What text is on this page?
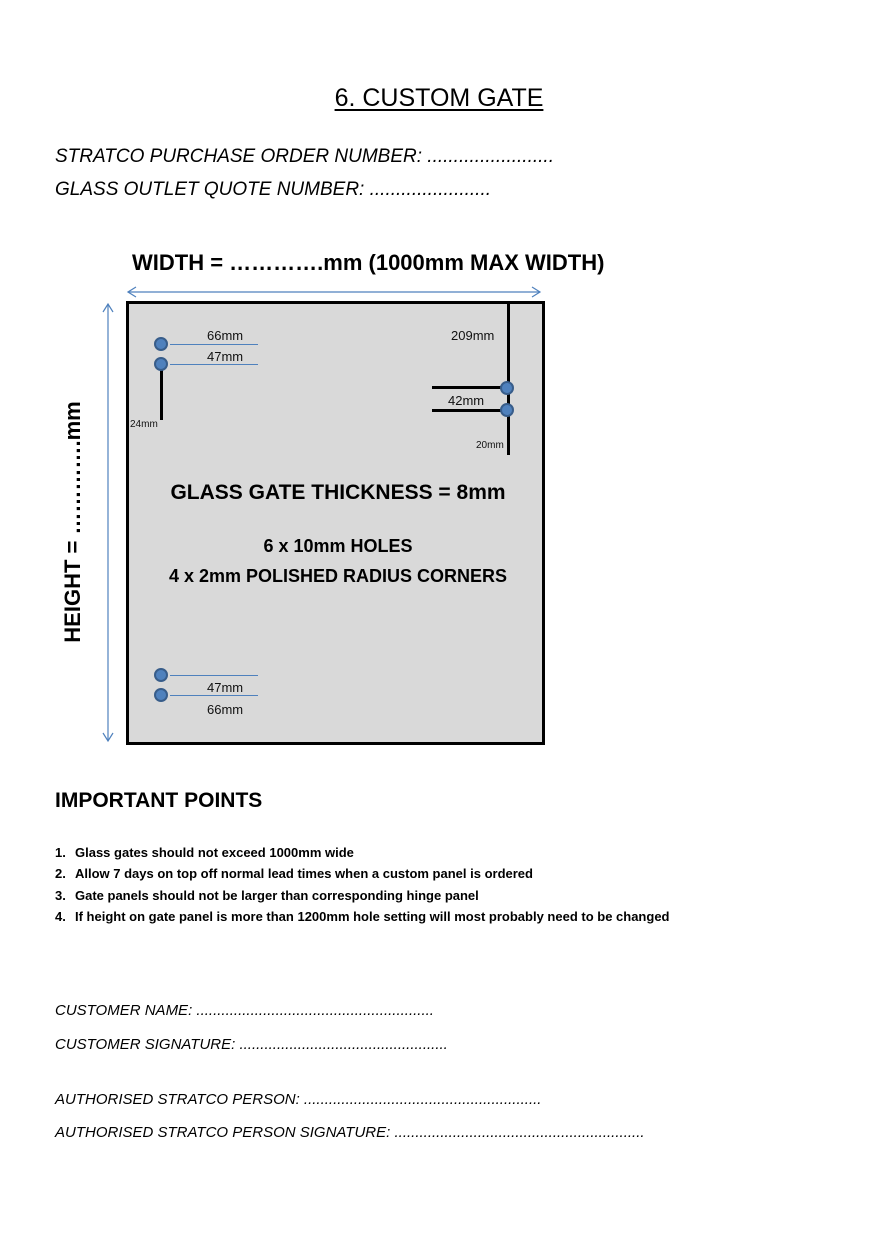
6. CUSTOM GATE
STRATCO PURCHASE ORDER NUMBER: ........................
GLASS OUTLET QUOTE NUMBER: .......................
WIDTH = ………….mm (1000mm MAX WIDTH)
HEIGHT = ………….mm
66mm
47mm
24mm
209mm
42mm
20mm
GLASS GATE THICKNESS = 8mm
6 x 10mm HOLES
4 x 2mm POLISHED RADIUS CORNERS
47mm
66mm
IMPORTANT POINTS
1. Glass gates should not exceed 1000mm wide
2. Allow 7 days on top off normal lead times when a custom panel is ordered
3. Gate panels should not be larger than corresponding hinge panel
4. If height on gate panel is more than 1200mm hole setting will most probably need to be changed
CUSTOMER NAME: .........................................................
CUSTOMER SIGNATURE: ..................................................
AUTHORISED STRATCO PERSON: .........................................................
AUTHORISED STRATCO PERSON SIGNATURE: ............................................................
